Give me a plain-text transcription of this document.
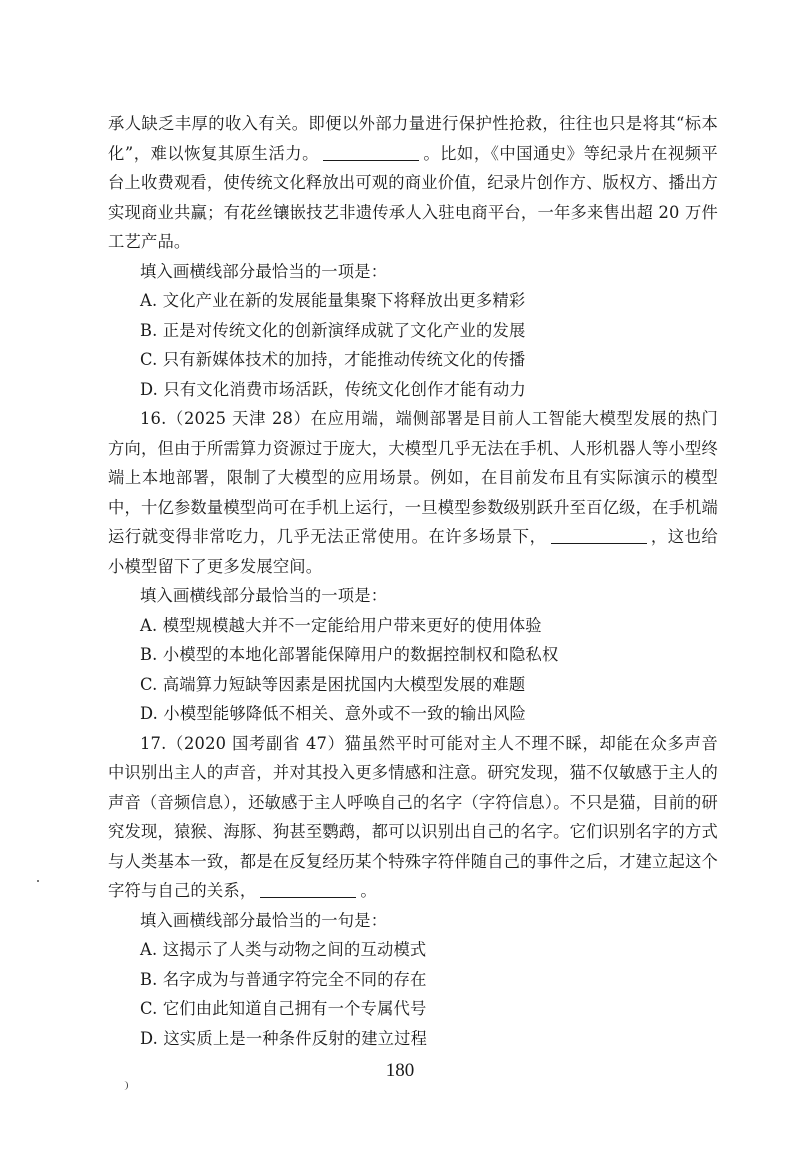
承人缺乏丰厚的收入有关。即便以外部力量进行保护性抢救，往往也只是将其“标本化”，难以恢复其原生活力。	。比如，《中国通史》等纪录片在视频平台上收费观看，使传统文化释放出可观的商业价值，纪录片创作方、版权方、播出方实现商业共赢；有花丝镶嵌技艺非遗传承人入驻电商平台，一年多来售出超 20 万件工艺产品。

填入画横线部分最恰当的一项是：

A. 文化产业在新的发展能量集聚下将释放出更多精彩

B. 正是对传统文化的创新演绎成就了文化产业的发展

C. 只有新媒体技术的加持，才能推动传统文化的传播

D. 只有文化消费市场活跃，传统文化创作才能有动力

16.（2025 天津 28）在应用端，端侧部署是目前人工智能大模型发展的热门方向，但由于所需算力资源过于庞大，大模型几乎无法在手机、人形机器人等小型终端上本地部署，限制了大模型的应用场景。例如，在目前发布且有实际演示的模型中，十亿参数量模型尚可在手机上运行，一旦模型参数级别跃升至百亿级，在手机端运行就变得非常吃力，几乎无法正常使用。在许多场景下，	，这也给小模型留下了更多发展空间。

填入画横线部分最恰当的一项是：

A. 模型规模越大并不一定能给用户带来更好的使用体验

B. 小模型的本地化部署能保障用户的数据控制权和隐私权

C. 高端算力短缺等因素是困扰国内大模型发展的难题

D. 小模型能够降低不相关、意外或不一致的输出风险

17.（2020 国考副省 47）猫虽然平时可能对主人不理不睬，却能在众多声音中识别出主人的声音，并对其投入更多情感和注意。研究发现，猫不仅敏感于主人的声音（音频信息），还敏感于主人呼唤自己的名字（字符信息）。不只是猫，目前的研究发现，猿猴、海豚、狗甚至鹦鹉，都可以识别出自己的名字。它们识别名字的方式与人类基本一致，都是在反复经历某个特殊字符伴随自己的事件之后，才建立起这个字符与自己的关系，	。

填入画横线部分最恰当的一句是：

A. 这揭示了人类与动物之间的互动模式

B. 名字成为与普通字符完全不同的存在

C. 它们由此知道自己拥有一个专属代号

D. 这实质上是一种条件反射的建立过程

180
